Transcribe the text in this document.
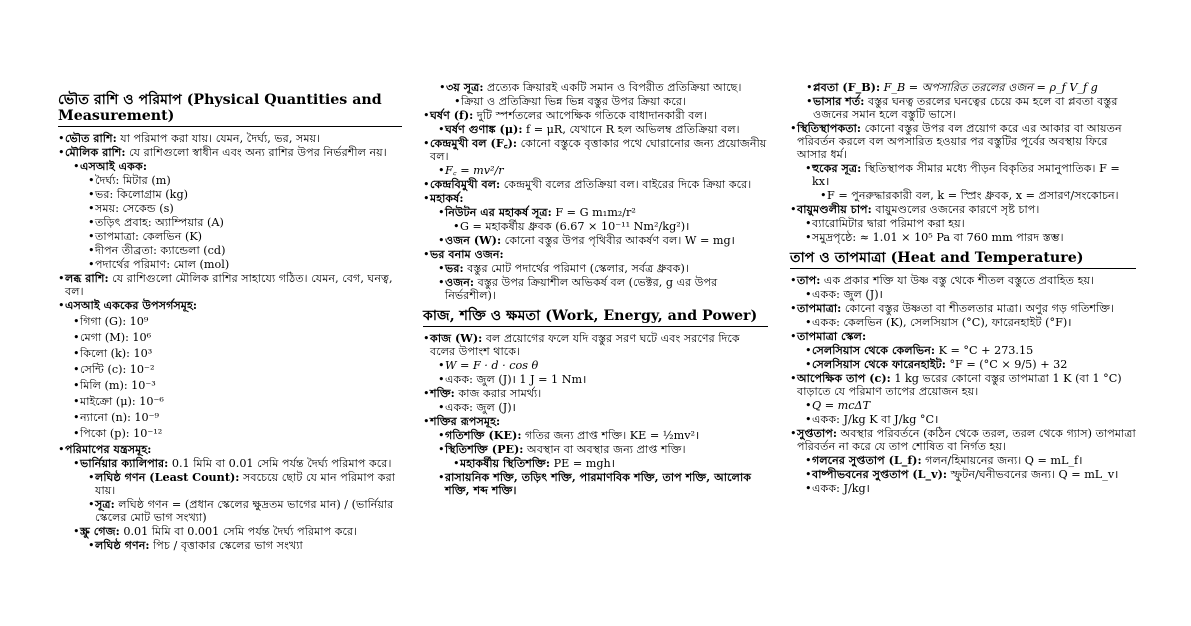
ভৌত রাশি ও পরিমাপ (Physical Quantities and Measurement)
• ভৌত রাশি: যা পরিমাপ করা যায়। যেমন, দৈর্ঘ্য, ভর, সময়।
• মৌলিক রাশি: যে রাশিগুলো স্বাধীন এবং অন্য রাশির উপর নির্ভরশীল নয়।
• এসআই একক:
• দৈর্ঘ্য: মিটার (m)
• ভর: কিলোগ্রাম (kg)
• সময়: সেকেন্ড (s)
• তড়িৎ প্রবাহ: অ্যাম্পিয়ার (A)
• তাপমাত্রা: কেলভিন (K)
• দীপন তীব্রতা: ক্যান্ডেলা (cd)
• পদার্থের পরিমাণ: মোল (mol)
• লব্ধ রাশি: যে রাশিগুলো মৌলিক রাশির সাহায্যে গঠিত। যেমন, বেগ, ঘনত্ব, বল।
• এসআই এককের উপসর্গসমূহ:
• গিগা (G): 10⁹
• মেগা (M): 10⁶
• কিলো (k): 10³
• সেন্টি (c): 10⁻²
• মিলি (m): 10⁻³
• মাইক্রো (μ): 10⁻⁶
• ন্যানো (n): 10⁻⁹
• পিকো (p): 10⁻¹²
• পরিমাপের যন্ত্রসমূহ:
• ভার্নিয়ার ক্যালিপার: 0.1 মিমি বা 0.01 সেমি পর্যন্ত দৈর্ঘ্য পরিমাপ করে।
• লঘিষ্ঠ গণন (Least Count): সবচেয়ে ছোট যে মান পরিমাপ করা যায়।
• সূত্র: লঘিষ্ঠ গণন = (প্রধান স্কেলের ক্ষুদ্রতম ভাগের মান) / (ভার্নিয়ার স্কেলের মোট ভাগ সংখ্যা)
• স্ক্রু গেজ: 0.01 মিমি বা 0.001 সেমি পর্যন্ত দৈর্ঘ্য পরিমাপ করে।
• লঘিষ্ঠ গণন: পিচ / বৃত্তাকার স্কেলের ভাগ সংখ্যা
• ৩য় সূত্র: প্রত্যেক ক্রিয়ারই একটি সমান ও বিপরীত প্রতিক্রিয়া আছে।
• ক্রিয়া ও প্রতিক্রিয়া ভিন্ন ভিন্ন বস্তুর উপর ক্রিয়া করে।
• ঘর্ষণ (f): দুটি স্পর্শতলের আপেক্ষিক গতিকে বাধাদানকারী বল।
• ঘর্ষণ গুণাঙ্ক (μ): f = μR, যেখানে R হল অভিলম্ব প্রতিক্রিয়া বল।
• কেন্দ্রমুখী বল (F꜀): কোনো বস্তুকে বৃত্তাকার পথে ঘোরানোর জন্য প্রয়োজনীয় বল।
• F꜀ = mv²/r
• কেন্দ্রবিমুখী বল: কেন্দ্রমুখী বলের প্রতিক্রিয়া বল। বাইরের দিকে ক্রিয়া করে।
• মহাকর্ষ:
• নিউটন এর মহাকর্ষ সূত্র: F = G m₁m₂/r²
• G = মহাকর্ষীয় ধ্রুবক (6.67 × 10⁻¹¹ Nm²/kg²)।
• ওজন (W): কোনো বস্তুর উপর পৃথিবীর আকর্ষণ বল। W = mg।
• ভর বনাম ওজন:
• ভর: বস্তুর মোট পদার্থের পরিমাণ (স্কেলার, সর্বত্র ধ্রুবক)।
• ওজন: বস্তুর উপর ক্রিয়াশীল অভিকর্ষ বল (ভেক্টর, g এর উপর নির্ভরশীল)।
কাজ, শক্তি ও ক্ষমতা (Work, Energy, and Power)
• কাজ (W): বল প্রয়োগের ফলে যদি বস্তুর সরণ ঘটে এবং সরণের দিকে বলের উপাংশ থাকে।
• W = F · d · cos θ
• একক: জুল (J)। 1 J = 1 Nm।
• শক্তি: কাজ করার সামর্থ্য।
• একক: জুল (J)।
• শক্তির রূপসমূহ:
• গতিশক্তি (KE): গতির জন্য প্রাপ্ত শক্তি। KE = ½mv²।
• স্থিতিশক্তি (PE): অবস্থান বা অবস্থার জন্য প্রাপ্ত শক্তি।
• মহাকর্ষীয় স্থিতিশক্তি: PE = mgh।
• রাসায়নিক শক্তি, তড়িৎ শক্তি, পারমাণবিক শক্তি, তাপ শক্তি, আলোক শক্তি, শব্দ শক্তি।
• প্লবতা (F_B): F_B = অপসারিত তরলের ওজন = ρ_f V_f g
• ভাসার শর্ত: বস্তুর ঘনত্ব তরলের ঘনত্বের চেয়ে কম হলে বা প্লবতা বস্তুর ওজনের সমান হলে বস্তুটি ভাসে।
• স্থিতিস্থাপকতা: কোনো বস্তুর উপর বল প্রয়োগ করে এর আকার বা আয়তন পরিবর্তন করলে বল অপসারিত হওয়ার পর বস্তুটির পূর্বের অবস্থায় ফিরে আসার ধর্ম।
• হুকের সূত্র: স্থিতিস্থাপক সীমার মধ্যে পীড়ন বিকৃতির সমানুপাতিক। F = kx।
• F = পুনরুদ্ধারকারী বল, k = স্প্রিং ধ্রুবক, x = প্রসারণ/সংকোচন।
• বায়ুমণ্ডলীয় চাপ: বায়ুমণ্ডলের ওজনের কারণে সৃষ্ট চাপ।
• ব্যারোমিটার দ্বারা পরিমাপ করা হয়।
• সমুদ্রপৃষ্ঠে: ≈ 1.01 × 10⁵ Pa বা 760 mm পারদ স্তম্ভ।
তাপ ও তাপমাত্রা (Heat and Temperature)
• তাপ: এক প্রকার শক্তি যা উষ্ণ বস্তু থেকে শীতল বস্তুতে প্রবাহিত হয়।
• একক: জুল (J)।
• তাপমাত্রা: কোনো বস্তুর উষ্ণতা বা শীতলতার মাত্রা। অণুর গড় গতিশক্তি।
• একক: কেলভিন (K), সেলসিয়াস (°C), ফারেনহাইট (°F)।
• তাপমাত্রা স্কেল:
• সেলসিয়াস থেকে কেলভিন: K = °C + 273.15
• সেলসিয়াস থেকে ফারেনহাইট: °F = (°C × 9/5) + 32
• আপেক্ষিক তাপ (c): 1 kg ভরের কোনো বস্তুর তাপমাত্রা 1 K (বা 1 °C) বাড়াতে যে পরিমাণ তাপের প্রয়োজন হয়।
• Q = mcΔT
• একক: J/kg K বা J/kg °C।
• সুপ্ততাপ: অবস্থার পরিবর্তনে (কঠিন থেকে তরল, তরল থেকে গ্যাস) তাপমাত্রা পরিবর্তন না করে যে তাপ শোষিত বা নির্গত হয়।
• গলনের সুপ্ততাপ (L_f): গলন/হিমায়নের জন্য। Q = mL_f।
• বাষ্পীভবনের সুপ্ততাপ (L_v): স্ফুটন/ঘনীভবনের জন্য। Q = mL_v।
• একক: J/kg।
